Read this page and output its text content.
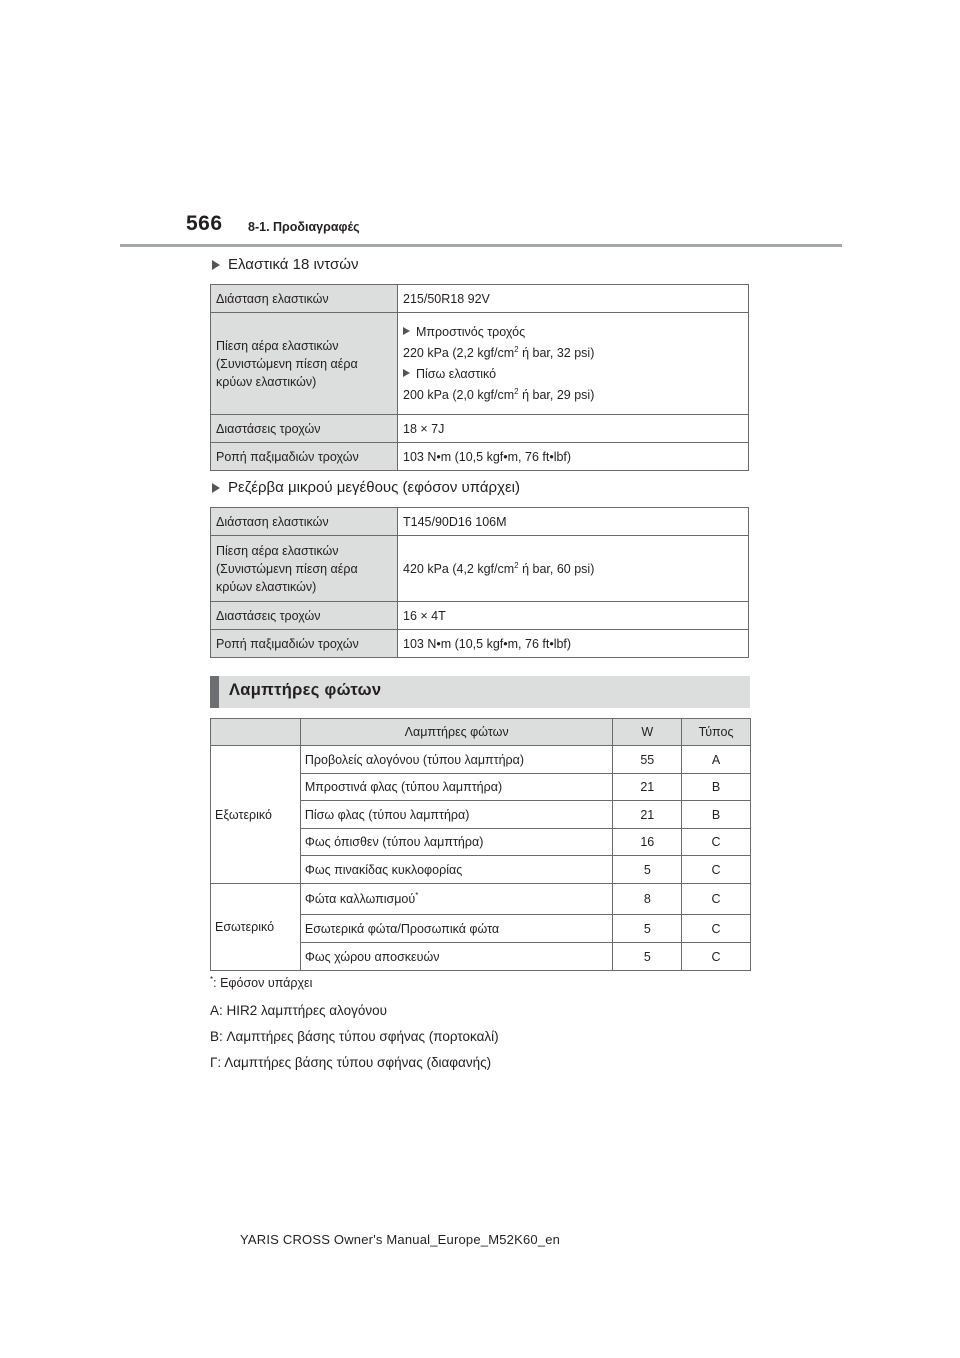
566 8-1. Προδιαγραφές
Ελαστικά 18 ιντσών
Διάσταση ελαστικών	215/50R18 92V
Πίεση αέρα ελαστικών (Συνιστώμενη πίεση αέρα κρύων ελαστικών)	Μπροστινός τροχός
220 kPa (2,2 kgf/$cm^2$ ή bar, 32 psi)
Πίσω ελαστικό
200 kPa (2,0 kgf/$cm^2$ ή bar, 29 psi)

Διαστάσεις τροχών	18 × 7J
Ροπή παξιμαδιών τροχών	103 N•m (10,5 kgf•m, 76 ft•lbf)
Ρεζέρβα μικρού μεγέθους (εφόσον υπάρχει)
Διάσταση ελαστικών	T145/90D16 106M
Πίεση αέρα ελαστικών (Συνιστώμενη πίεση αέρα κρύων ελαστικών)	420 kPa (4,2 kgf/$cm^2$ ή bar, 60 psi)
Διαστάσεις τροχών	16 × 4T
Ροπή παξιμαδιών τροχών	103 N•m (10,5 kgf•m, 76 ft•lbf)
Λαμπτήρες φώτων
	Λαμπτήρες φώτων	W	Τύπος
Εξωτερικό	Προβολείς αλογόνου (τύπου λαμπτήρα)	55	A
	Μπροστινά φλας (τύπου λαμπτήρα)	21	B
	Πίσω φλας (τύπου λαμπτήρα)	21	B
	Φως όπισθεν (τύπου λαμπτήρα)	16	C
	Φως πινακίδας κυκλοφορίας	5	C
Εσωτερικό	Φώτα καλλωπισμού*	8	C
	Εσωτερικά φώτα/Προσωπικά φώτα	5	C
	Φως χώρου αποσκευών	5	C
*: Εφόσον υπάρχει
A: HIR2 λαμπτήρες αλογόνου
B: Λαμπτήρες βάσης τύπου σφήνας (πορτοκαλί)
Γ: Λαμπτήρες βάσης τύπου σφήνας (διαφανής)
YARIS CROSS Owner's Manual_Europe_M52K60_en
